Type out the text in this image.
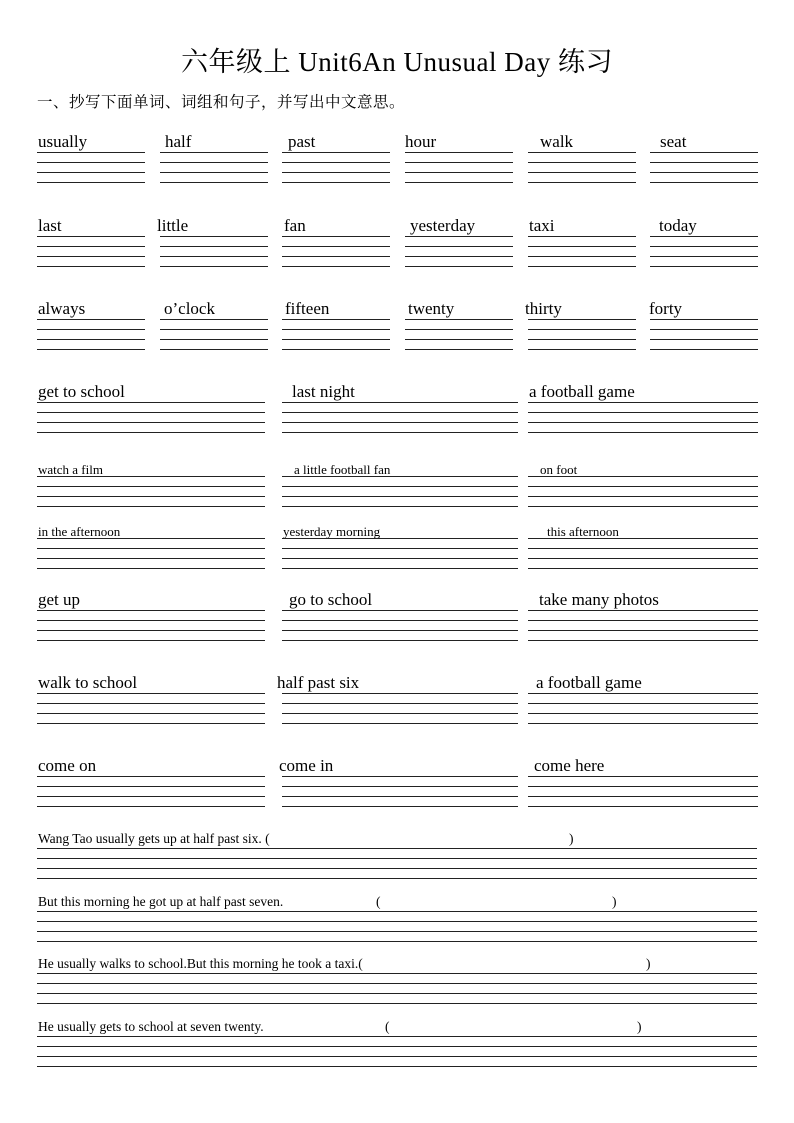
六年级上 Unit6An Unusual Day 练习
一、抄写下面单词、词组和句子，并写出中文意思。
usually	half	past	hour	walk	seat
last	little	fan	yesterday	taxi	today
always	o’clock	fifteen	twenty	thirty	forty
get to school	last night	a football game
watch a film	a little football fan	on foot
in the afternoon	yesterday morning	this afternoon
get up	go to school	take many photos
walk to school	half past six	a football game
come on	come in	come here
Wang Tao usually gets up at half past six. (	)
But this morning he got up at half past seven.	(	)
He usually walks to school.But this morning he took a taxi.(	)
He usually gets to school at seven twenty.	(	)
